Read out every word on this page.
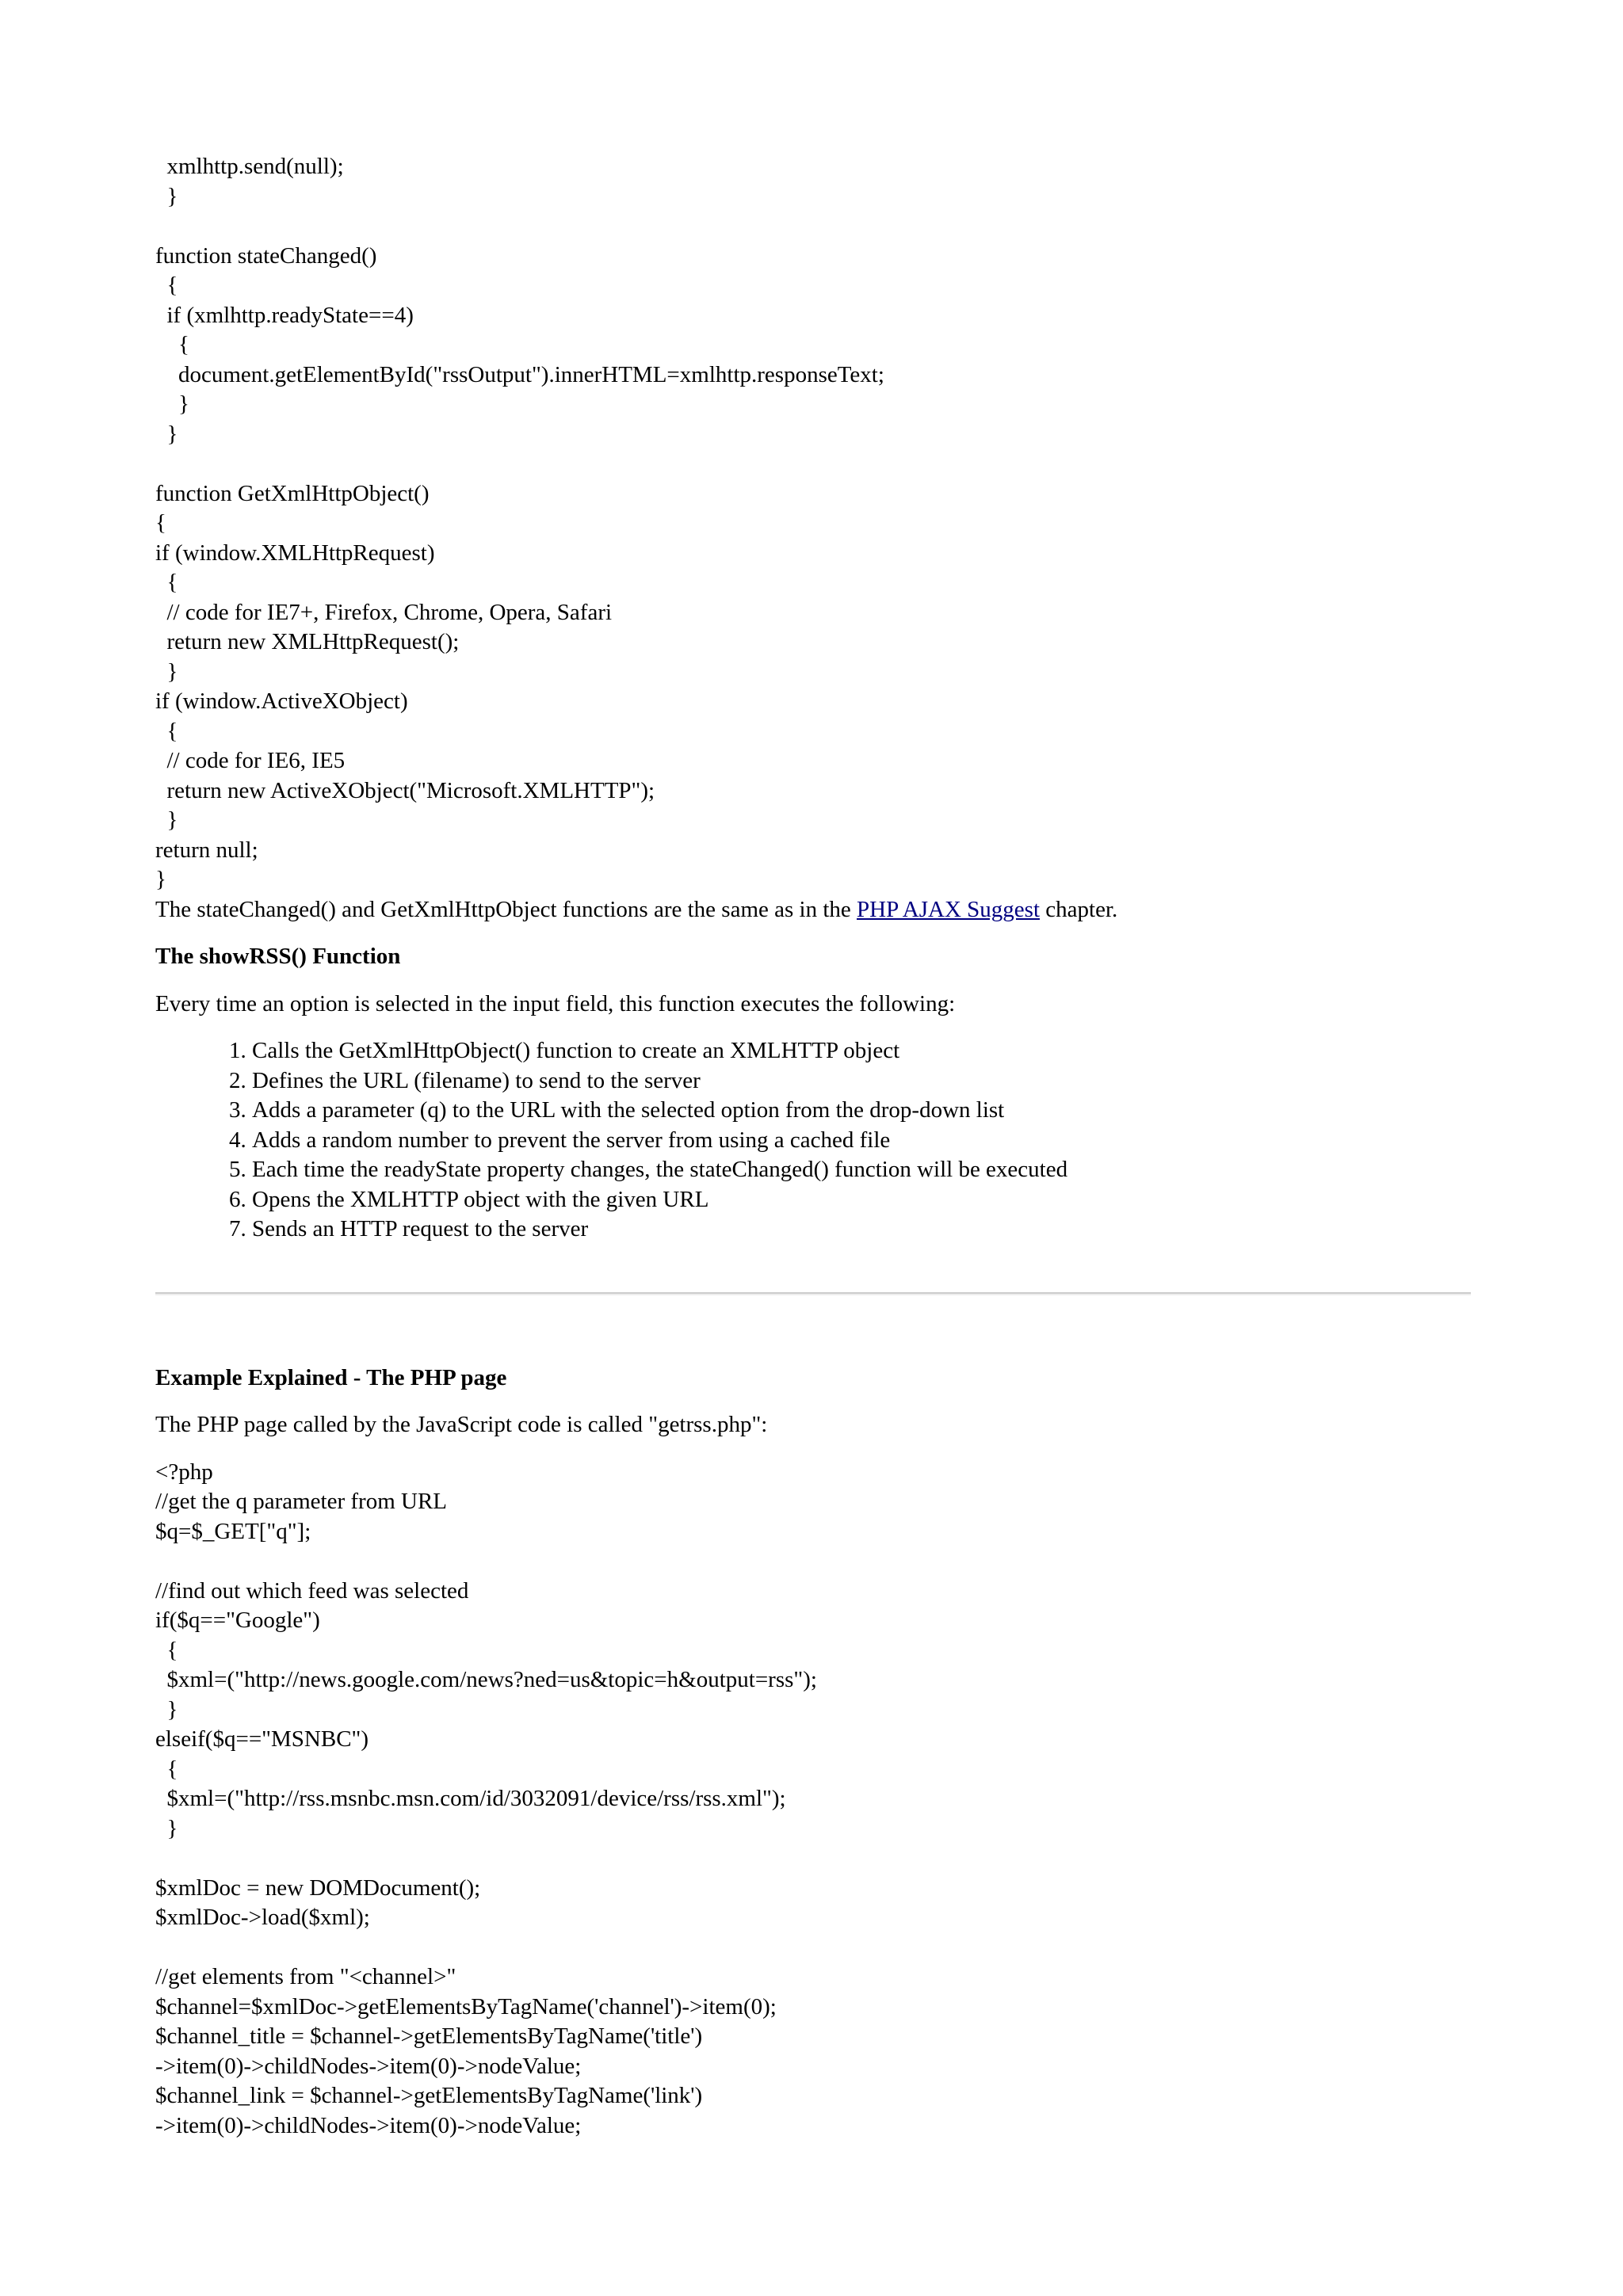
xmlhttp.send(null);
}

function stateChanged()
{
if (xmlhttp.readyState==4)
{
document.getElementById("rssOutput").innerHTML=xmlhttp.responseText;
}
}

function GetXmlHttpObject()
{
if (window.XMLHttpRequest)
{
// code for IE7+, Firefox, Chrome, Opera, Safari
return new XMLHttpRequest();
}
if (window.ActiveXObject)
{
// code for IE6, IE5
return new ActiveXObject("Microsoft.XMLHTTP");
}
return null;
}

The stateChanged() and GetXmlHttpObject functions are the same as in the PHP AJAX Suggest chapter.

The showRSS() Function

Every time an option is selected in the input field, this function executes the following:

1. Calls the GetXmlHttpObject() function to create an XMLHTTP object
2. Defines the URL (filename) to send to the server
3. Adds a parameter (q) to the URL with the selected option from the drop-down list
4. Adds a random number to prevent the server from using a cached file
5. Each time the readyState property changes, the stateChanged() function will be executed
6. Opens the XMLHTTP object with the given URL
7. Sends an HTTP request to the server
Example Explained - The PHP page

The PHP page called by the JavaScript code is called "getrss.php":

<?php
//get the q parameter from URL
$q=$_GET["q"];

//find out which feed was selected
if($q=="Google")
{
$xml=("http://news.google.com/news?ned=us&topic=h&output=rss");
}
elseif($q=="MSNBC")
{
$xml=("http://rss.msnbc.msn.com/id/3032091/device/rss/rss.xml");
}

$xmlDoc = new DOMDocument();
$xmlDoc->load($xml);

//get elements from "<channel>"
$channel=$xmlDoc->getElementsByTagName('channel')->item(0);
$channel_title = $channel->getElementsByTagName('title')
->item(0)->childNodes->item(0)->nodeValue;
$channel_link = $channel->getElementsByTagName('link')
->item(0)->childNodes->item(0)->nodeValue;
